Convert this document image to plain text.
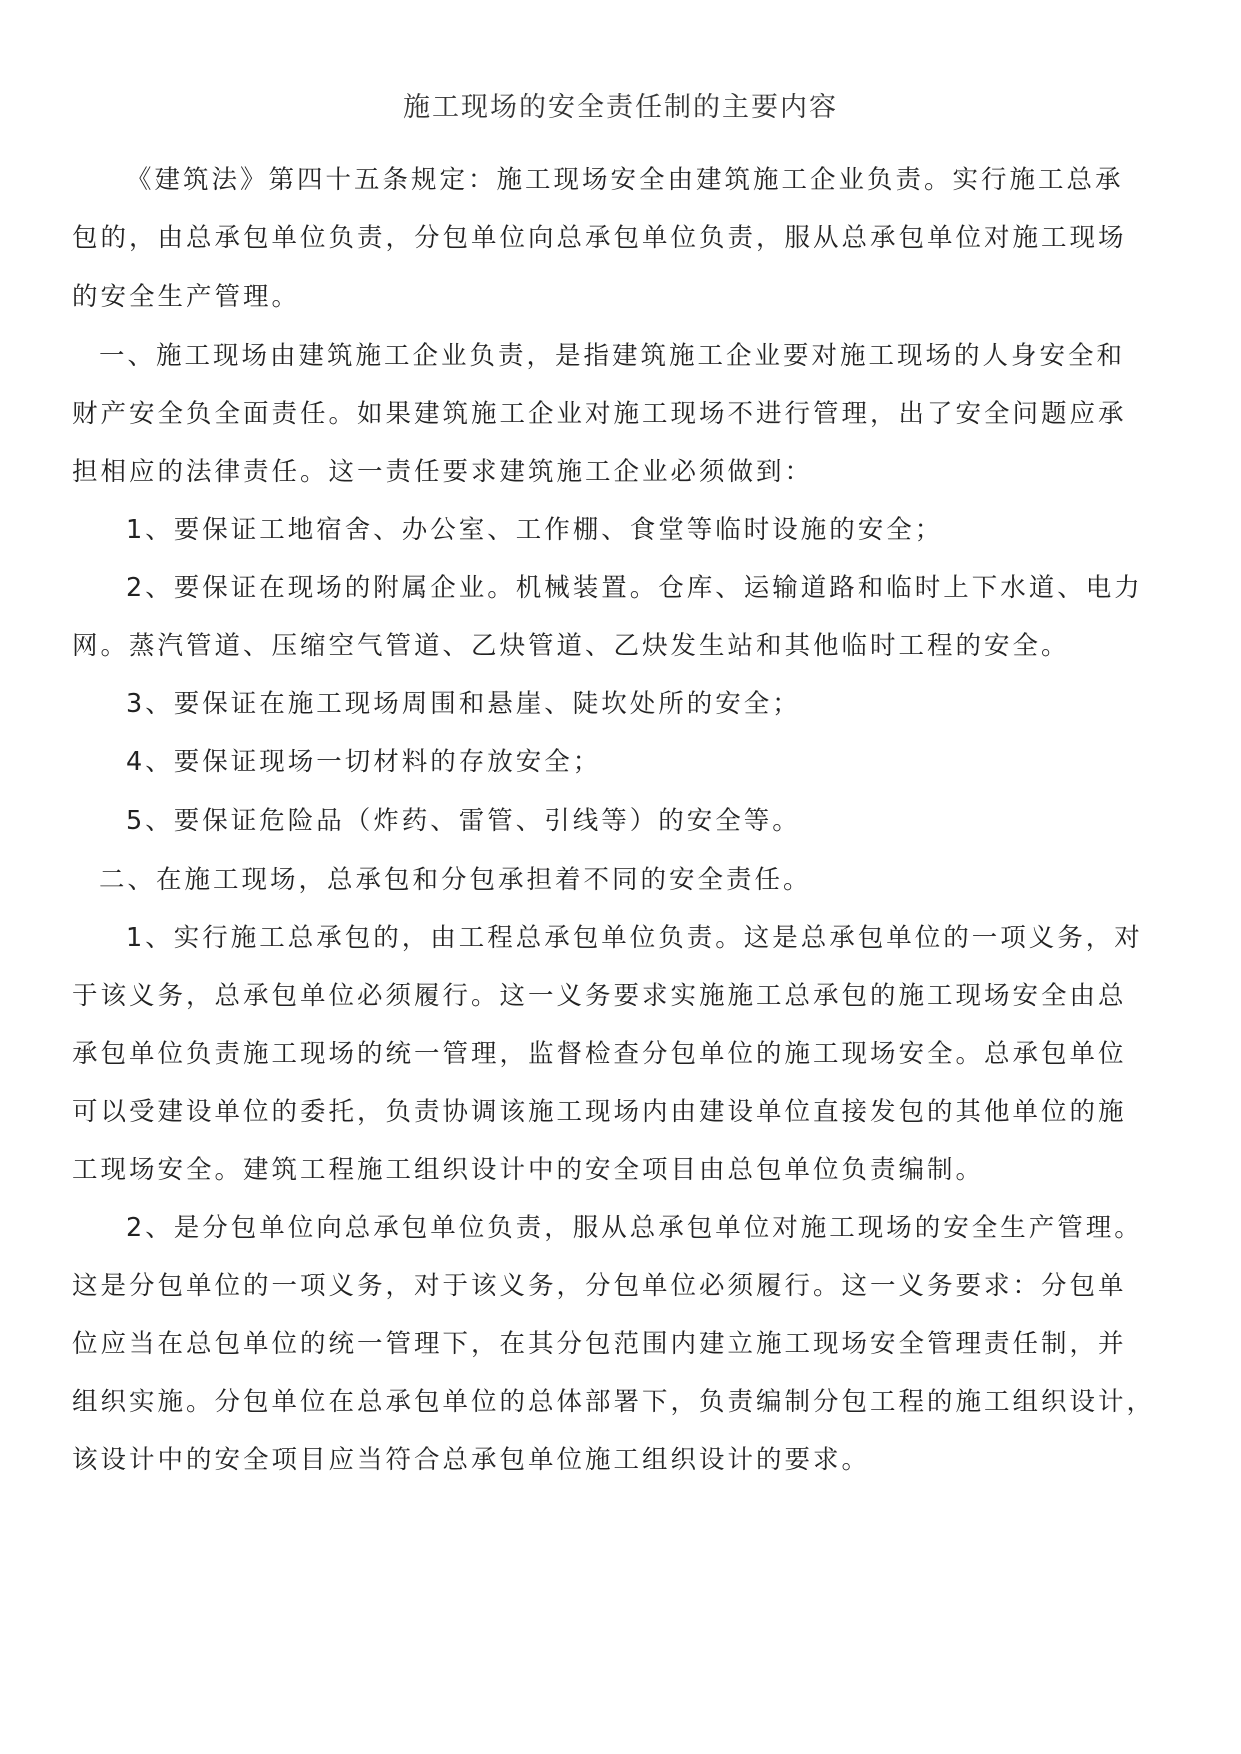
施工现场的安全责任制的主要内容
《建筑法》第四十五条规定：施工现场安全由建筑施工企业负责。实行施工总承
包的，由总承包单位负责，分包单位向总承包单位负责，服从总承包单位对施工现场
的安全生产管理。
一、施工现场由建筑施工企业负责，是指建筑施工企业要对施工现场的人身安全和
财产安全负全面责任。如果建筑施工企业对施工现场不进行管理，出了安全问题应承
担相应的法律责任。这一责任要求建筑施工企业必须做到：
1、要保证工地宿舍、办公室、工作棚、食堂等临时设施的安全；
2、要保证在现场的附属企业。机械装置。仓库、运输道路和临时上下水道、电力
网。蒸汽管道、压缩空气管道、乙炔管道、乙炔发生站和其他临时工程的安全。
3、要保证在施工现场周围和悬崖、陡坎处所的安全；
4、要保证现场一切材料的存放安全；
5、要保证危险品（炸药、雷管、引线等）的安全等。
二、在施工现场，总承包和分包承担着不同的安全责任。
1、实行施工总承包的，由工程总承包单位负责。这是总承包单位的一项义务，对
于该义务，总承包单位必须履行。这一义务要求实施施工总承包的施工现场安全由总
承包单位负责施工现场的统一管理，监督检查分包单位的施工现场安全。总承包单位
可以受建设单位的委托，负责协调该施工现场内由建设单位直接发包的其他单位的施
工现场安全。建筑工程施工组织设计中的安全项目由总包单位负责编制。
2、是分包单位向总承包单位负责，服从总承包单位对施工现场的安全生产管理。
这是分包单位的一项义务，对于该义务，分包单位必须履行。这一义务要求：分包单
位应当在总包单位的统一管理下，在其分包范围内建立施工现场安全管理责任制，并
组织实施。分包单位在总承包单位的总体部署下，负责编制分包工程的施工组织设计，
该设计中的安全项目应当符合总承包单位施工组织设计的要求。
